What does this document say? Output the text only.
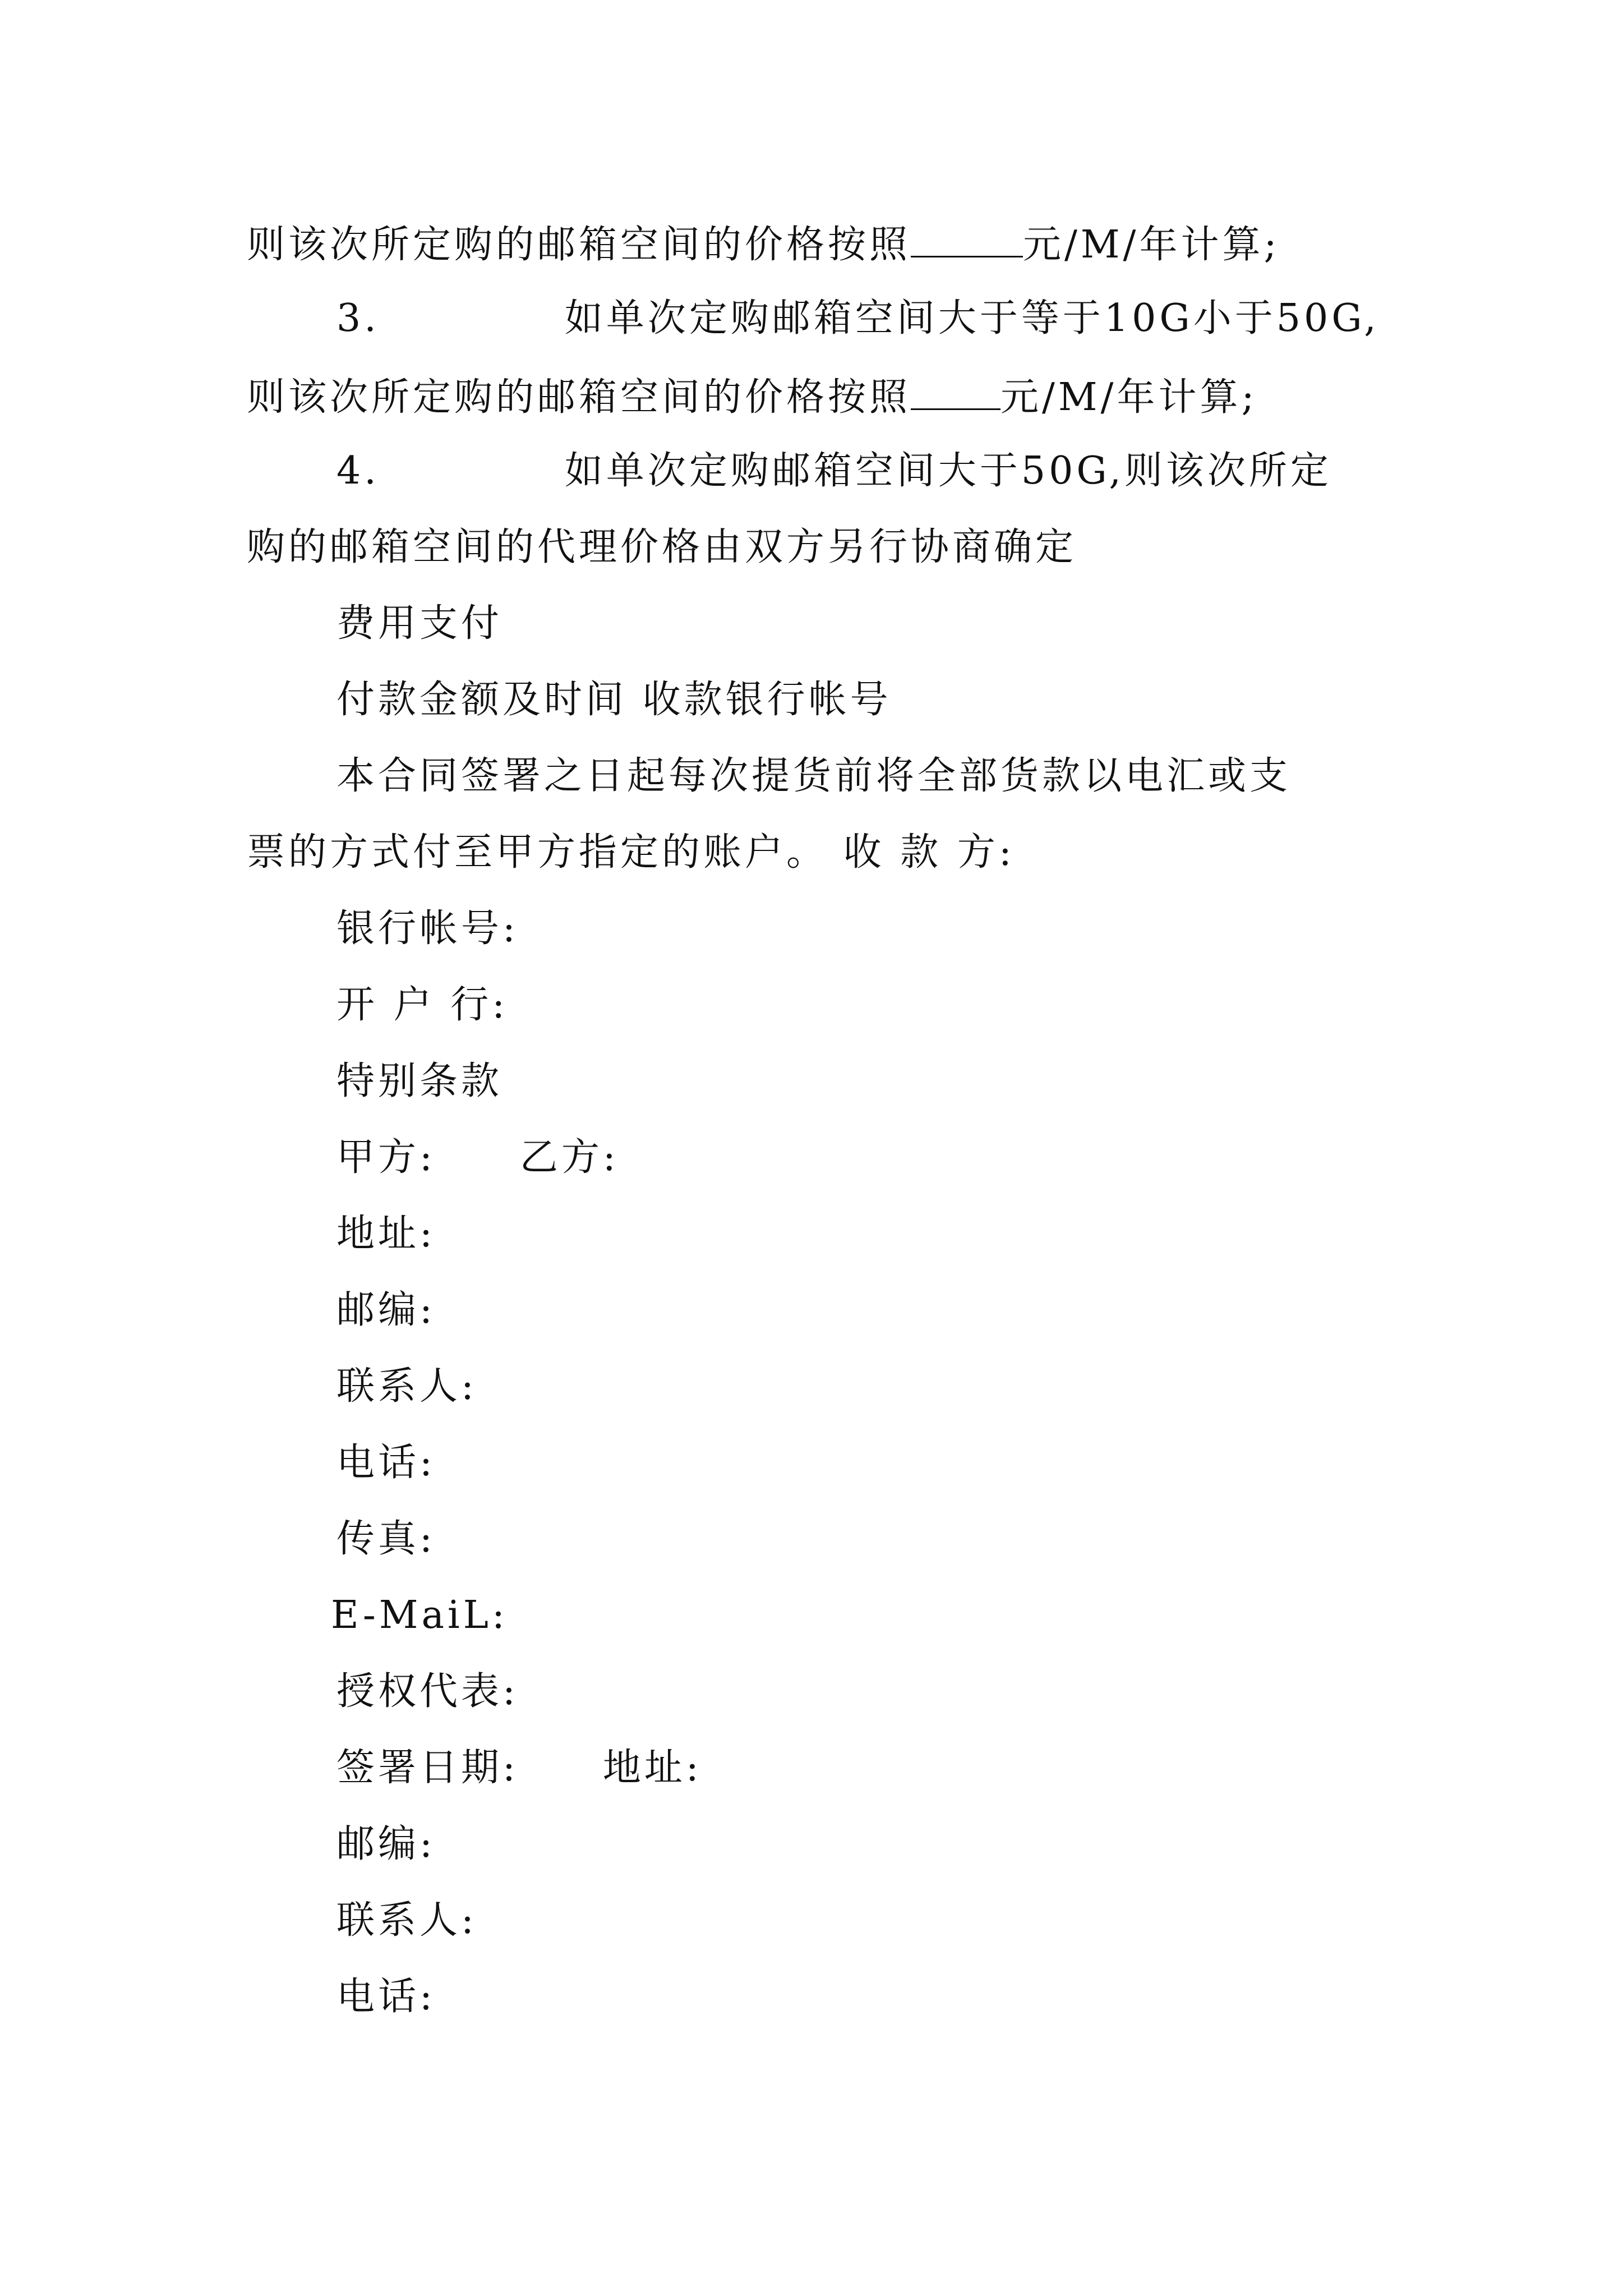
则该次所定购的邮箱空间的价格按照	元/M/年计算;
3.	如单次定购邮箱空间大于等于10G小于50G,
则该次所定购的邮箱空间的价格按照 元/M/年计算;
4.	如单次定购邮箱空间大于50G,则该次所定
购的邮箱空间的代理价格由双方另行协商确定
费用支付
付款金额及时间 收款银行帐号
本合同签署之日起每次提货前将全部货款以电汇或支
票的方式付至甲方指定的账户。 收 款 方:
银行帐号:
开 户 行:
特别条款
甲方: 乙方:
地址:
邮编:
联系人:
电话:
传真:
E-MaiL:
授权代表:
签署日期: 地址:
邮编:
联系人:
电话:
